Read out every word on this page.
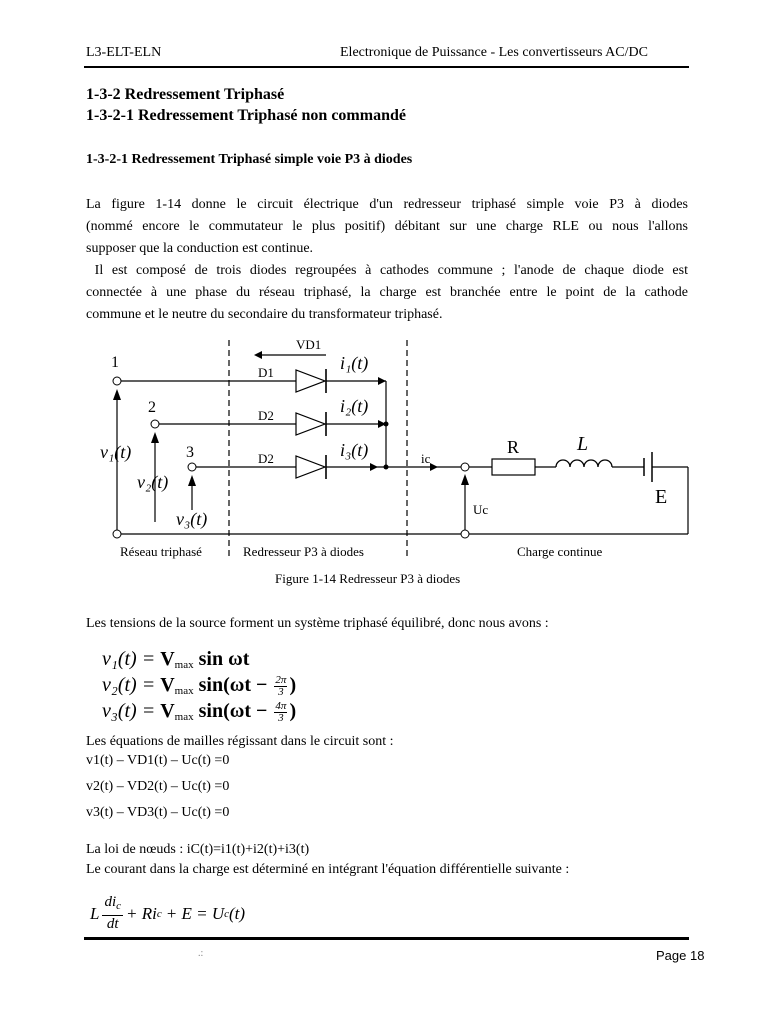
L3-ELT-ELN	Electronique de Puissance - Les convertisseurs AC/DC
1-3-2 Redressement Triphasé
1-3-2-1 Redressement Triphasé non commandé
1-3-2-1 Redressement Triphasé simple voie P3 à diodes
La figure 1-14 donne le circuit électrique d'un redresseur triphasé simple voie P3 à diodes
(nommé encore le commutateur le plus positif) débitant sur une charge RLE ou nous l'allons
supposer que la conduction est continue.
Il est composé de trois diodes regroupées à cathodes commune ; l'anode de chaque diode est
connectée à une phase du réseau triphasé, la charge est branchée entre le point de la cathode
commune et le neutre du secondaire du transformateur triphasé.
1
2
3
D1
D2
D2
VD1
i₁(t)
i₂(t)
i₃(t)
v₁(t)
v₂(t)
v₃(t)
ic
Uc
R	L
E
Réseau triphasé	Redresseur P3 à diodes	Charge continue
Figure 1-14 Redresseur P3 à diodes
Les tensions de la source forment un système triphasé équilibré, donc nous avons :
$\nu_1(t) = V_{max}$ sin ωt
$\nu_2(t) = V_{max}$ $\sin(\omega t - \frac{2\pi}{3}$ )
$\nu_3(t) = V_{max}$ $\sin(\omega t - \frac{4\pi}{3}$ )
Les équations de mailles régissant dans le circuit sont :
v1(t) – VD1(t) – Uc(t) =0
v2(t) – VD2(t) – Uc(t) =0
v3(t) – VD3(t) – Uc(t) =0
La loi de nœuds : iC(t)=i1(t)+i2(t)+i3(t)
Le courant dans la charge est déterminé en intégrant l'équation différentielle suivante :
L
$di_c$
dt
+ Ri c + E = U c (t)
.:	Page 18
